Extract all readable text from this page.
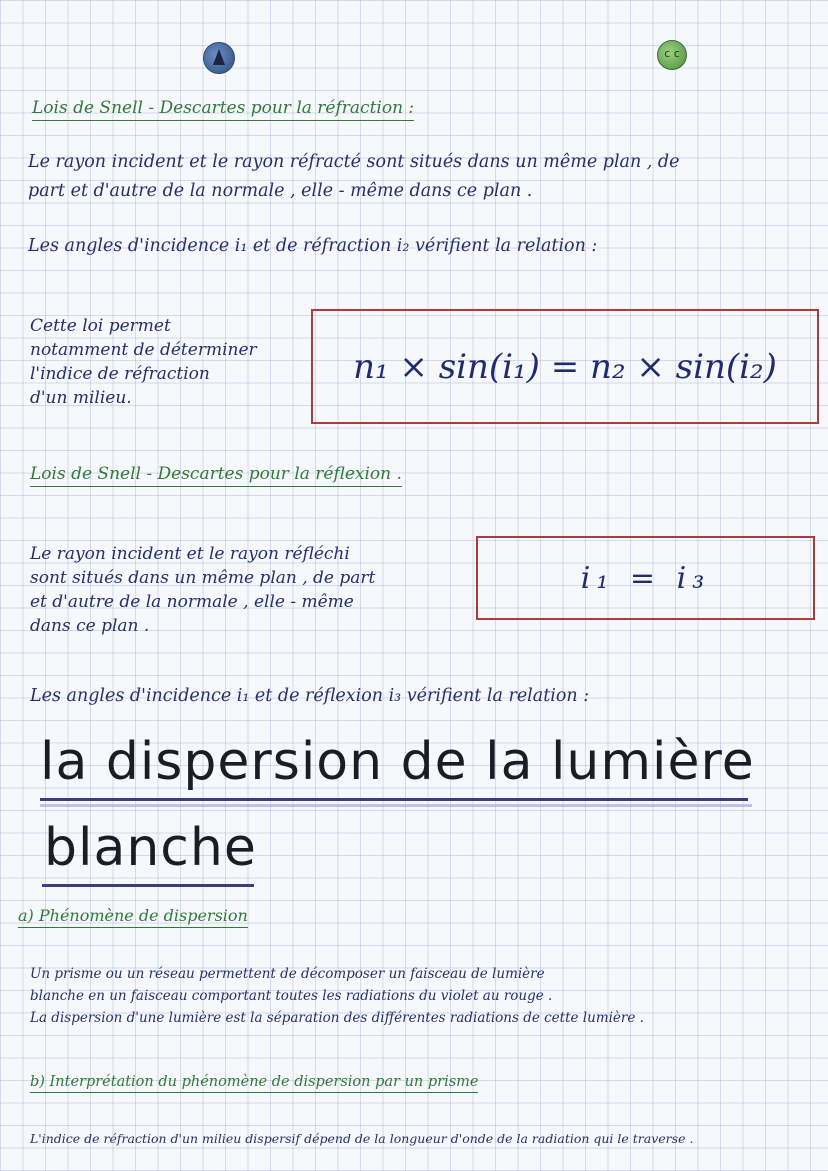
c c
Lois de Snell - Descartes pour la réfraction :
Le rayon incident et le rayon réfracté sont situés dans un même plan , de
part et d'autre de la normale , elle - même dans ce plan .
Les angles d'incidence i₁ et de réfraction i₂ vérifient la relation :
Cette loi permet
notamment de déterminer
l'indice de réfraction
d'un milieu.
n₁ × sin(i₁) = n₂ × sin(i₂)
Lois de Snell - Descartes pour la réflexion .
Le rayon incident et le rayon réfléchi
sont situés dans un même plan , de part
et d'autre de la normale , elle - même
dans ce plan .
i₁ = i₃
Les angles d'incidence i₁ et de réflexion i₃ vérifient la relation :
la dispersion de la lumière
blanche
a) Phénomène de dispersion
Un prisme ou un réseau permettent de décomposer un faisceau de lumière
blanche en un faisceau comportant toutes les radiations du violet au rouge .
La dispersion d'une lumière est la séparation des différentes radiations de cette lumière .
b) Interprétation du phénomène de dispersion par un prisme
L'indice de réfraction d'un milieu dispersif dépend de la longueur d'onde de la radiation qui le traverse .
